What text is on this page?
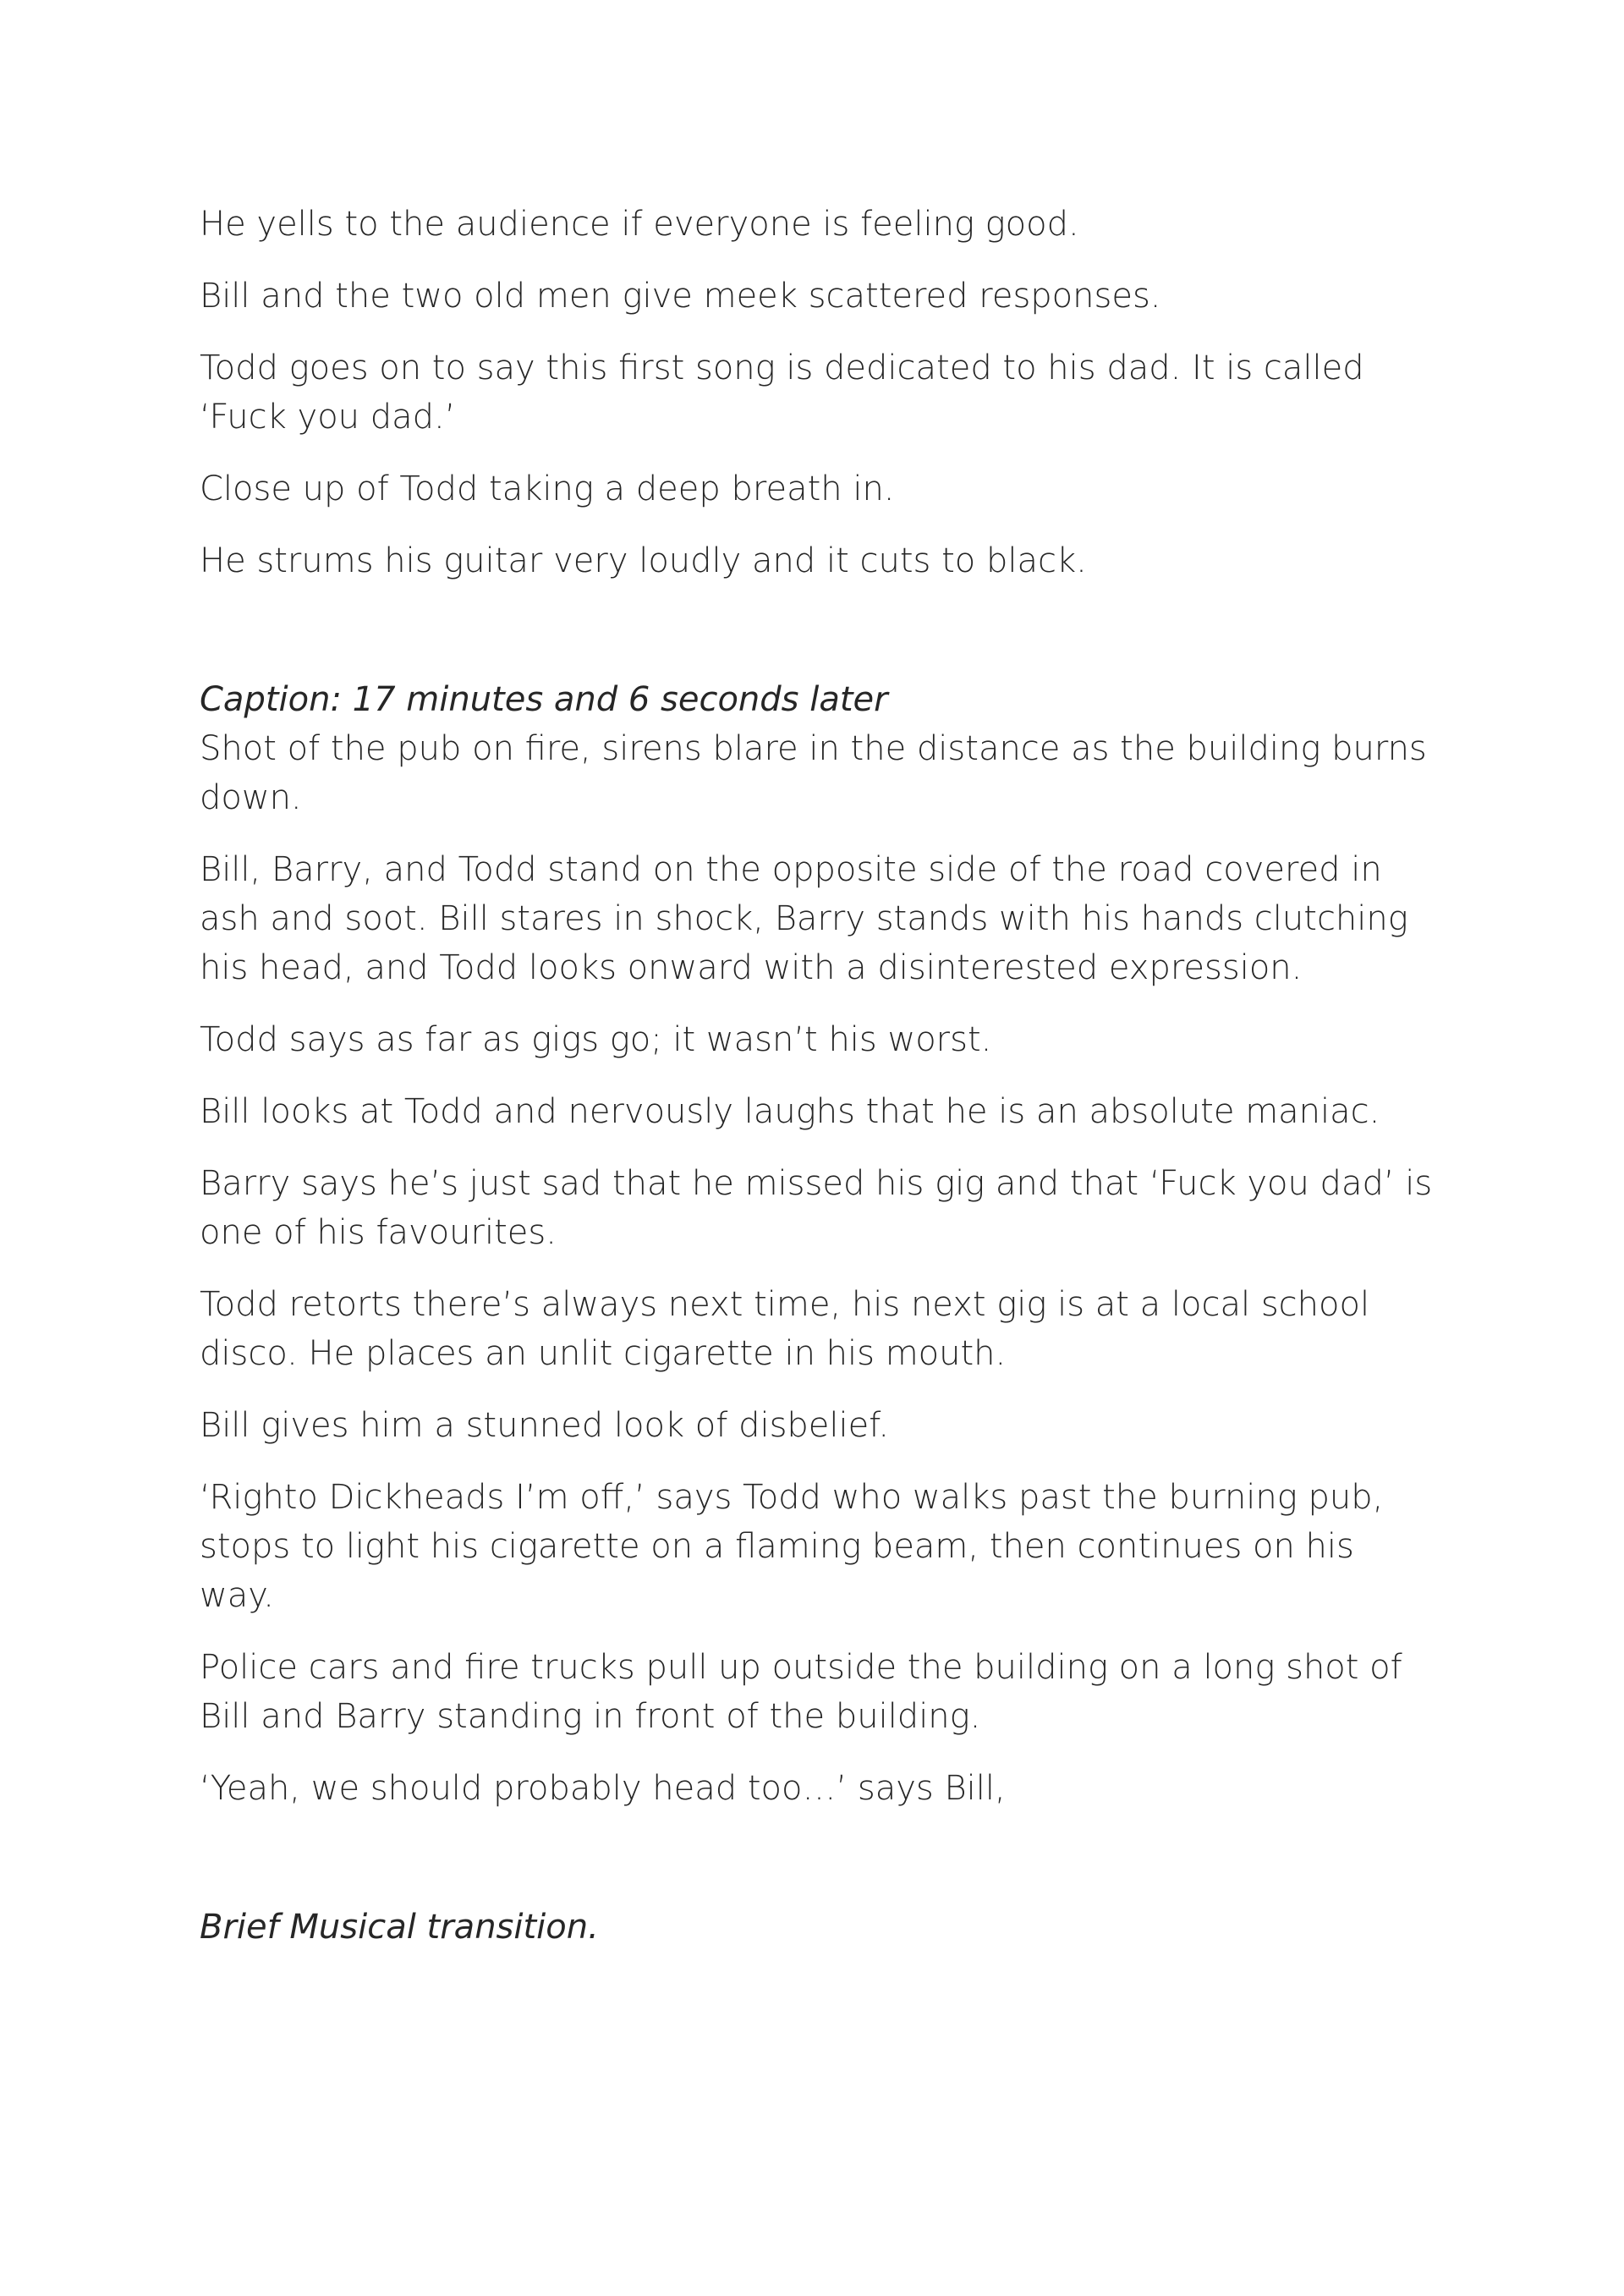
He yells to the audience if everyone is feeling good.

Bill and the two old men give meek scattered responses.

Todd goes on to say this first song is dedicated to his dad. It is called ‘Fuck you dad.’

Close up of Todd taking a deep breath in.

He strums his guitar very loudly and it cuts to black.

Caption: 17 minutes and 6 seconds later

Shot of the pub on fire, sirens blare in the distance as the building burns down.

Bill, Barry, and Todd stand on the opposite side of the road covered in ash and soot. Bill stares in shock, Barry stands with his hands clutching his head, and Todd looks onward with a disinterested expression.

Todd says as far as gigs go; it wasn’t his worst.

Bill looks at Todd and nervously laughs that he is an absolute maniac.

Barry says he’s just sad that he missed his gig and that ‘Fuck you dad’ is one of his favourites.

Todd retorts there’s always next time, his next gig is at a local school disco. He places an unlit cigarette in his mouth.

Bill gives him a stunned look of disbelief.

‘Righto Dickheads I’m off,’ says Todd who walks past the burning pub, stops to light his cigarette on a flaming beam, then continues on his way.

Police cars and fire trucks pull up outside the building on a long shot of Bill and Barry standing in front of the building.

‘Yeah, we should probably head too…’ says Bill,

Brief Musical transition.
